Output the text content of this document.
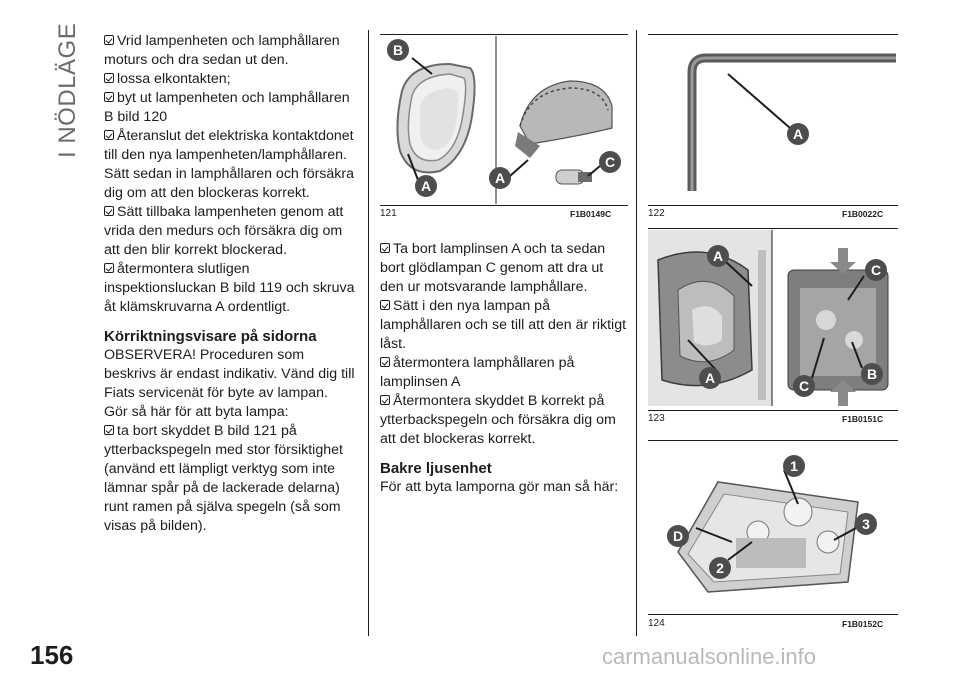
I NÖDLÄGE	Vrid lampenheten och lamphållaren moturs och dra sedan ut den.

lossa elkontakten;

byt ut lampenheten och lamphållaren B bild 120

Återanslut det elektriska kontaktdonet till den nya lampenheten/lamphållaren. Sätt sedan in lamphållaren och försäkra dig om att den blockeras korrekt.

Sätt tillbaka lampenheten genom att vrida den medurs och försäkra dig om att den blir korrekt blockerad.

återmontera slutligen inspektionsluckan B bild 119 och skruva åt klämskruvarna A ordentligt.

Körriktningsvisare på sidorna

OBSERVERA! Proceduren som beskrivs är endast indikativ. Vänd dig till Fiats servicenät för byte av lampan.

Gör så här för att byta lampa:

ta bort skyddet B bild 121 på ytterbackspegeln med stor försiktighet (använd ett lämpligt verktyg som inte lämnar spår på de lackerade delarna) runt ramen på själva spegeln (så som visas på bilden).

B
A	A
C
121	F1B0149C

Ta bort lamplinsen A och ta sedan bort glödlampan C genom att dra ut den ur motsvarande lamphållare.

Sätt i den nya lampan på lamphållaren och se till att den är riktigt låst.

återmontera lamphållaren på lamplinsen A

Återmontera skyddet B korrekt på ytterbackspegeln och försäkra dig om att det blockeras korrekt.

Bakre ljusenhet

För att byta lamporna gör man så här:

A
122	F1B0022C
A
A
C
C
B
123	F1B0151C
1
D
2
3
124	F1B0152C
156	carmanualsonline.info
